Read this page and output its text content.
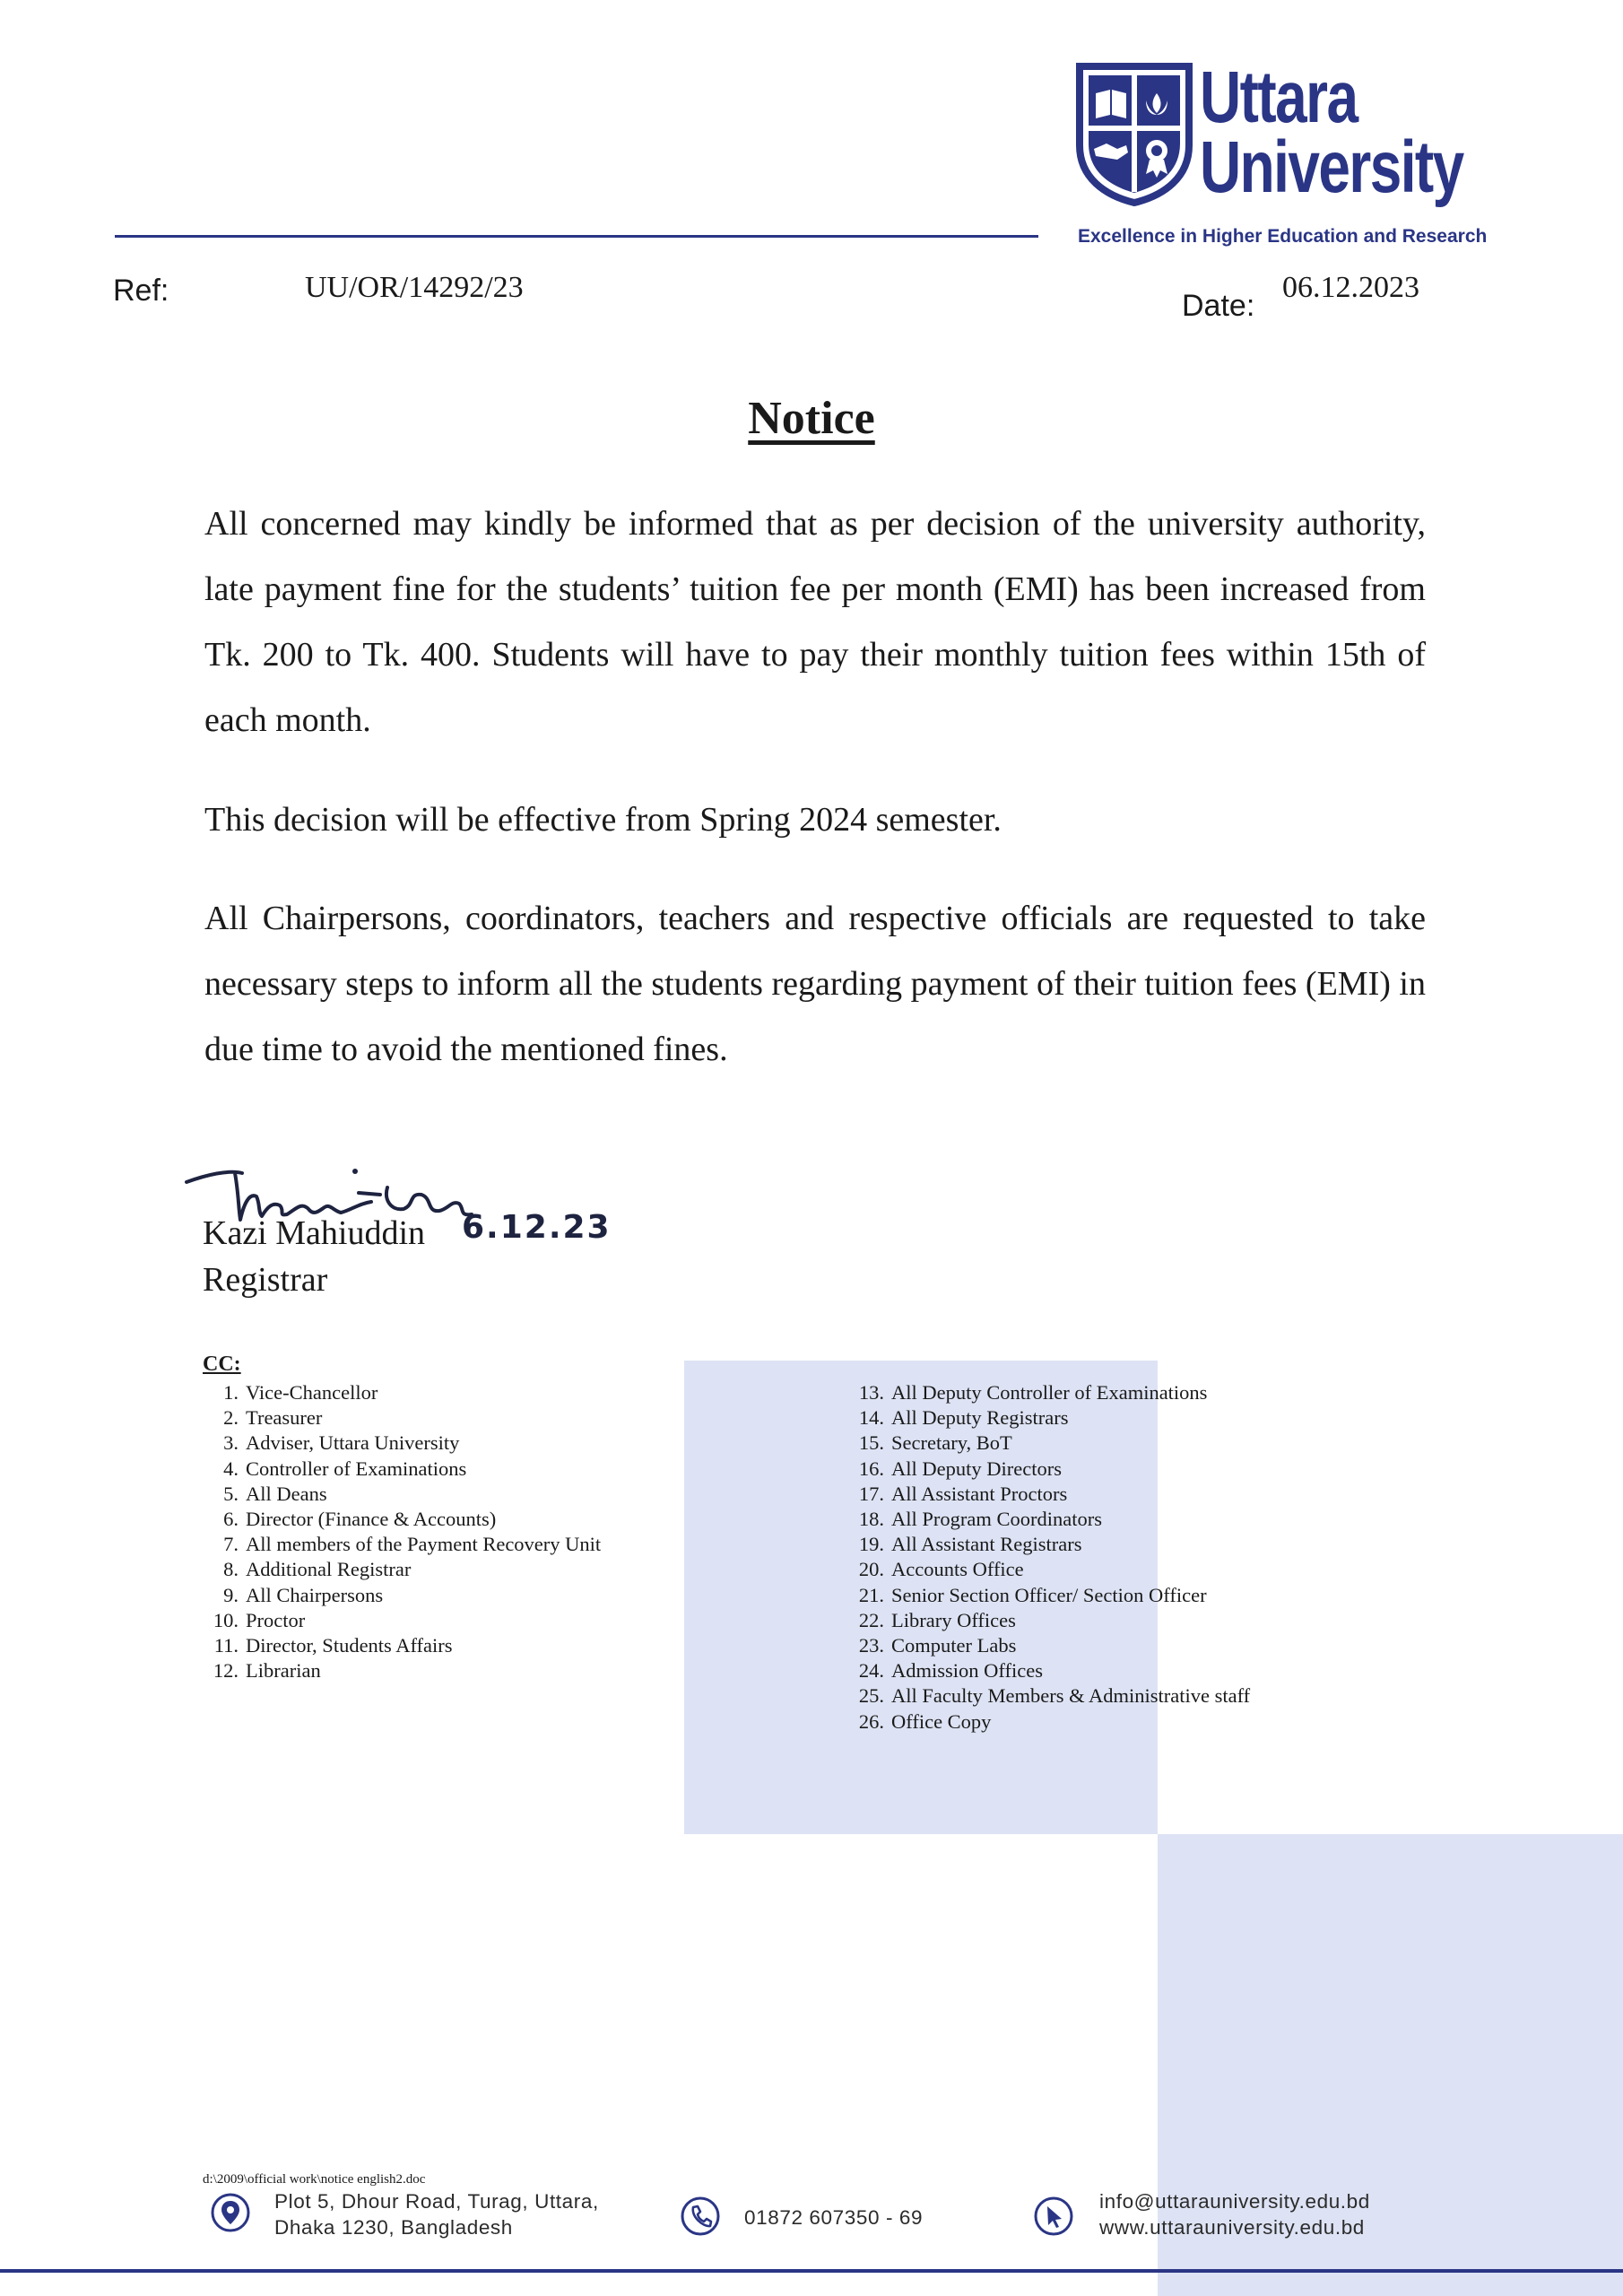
Uttara
University
Excellence in Higher Education and Research
Ref:	UU/OR/14292/23
Date:
06.12.2023
Notice
All concerned may kindly be informed that as per decision of the university authority, late payment fine for the students’ tuition fee per month (EMI) has been increased from Tk. 200 to Tk. 400. Students will have to pay their monthly tuition fees within 15th of each month.
This decision will be effective from Spring 2024 semester.
All Chairpersons, coordinators, teachers and respective officials are requested to take necessary steps to inform all the students regarding payment of their tuition fees (EMI) in due time to avoid the mentioned fines.
6.12.23
Kazi Mahiuddin
Registrar
CC:
1. Vice-Chancellor
2. Treasurer
3. Adviser, Uttara University
4. Controller of Examinations
5. All Deans
6. Director (Finance & Accounts)
7. All members of the Payment Recovery Unit
8. Additional Registrar
9. All Chairpersons
10. Proctor
11. Director, Students Affairs
12. Librarian
13. All Deputy Controller of Examinations
14. All Deputy Registrars
15. Secretary, BoT
16. All Deputy Directors
17. All Assistant Proctors
18. All Program Coordinators
19. All Assistant Registrars
20. Accounts Office
21. Senior Section Officer/ Section Officer
22. Library Offices
23. Computer Labs
24. Admission Offices
25. All Faculty Members & Administrative staff
26. Office Copy
d:\2009\official work\notice english2.doc
Plot 5, Dhour Road, Turag, Uttara,
Dhaka 1230, Bangladesh	01872 607350 - 69
info@uttarauniversity.edu.bd
www.uttarauniversity.edu.bd
